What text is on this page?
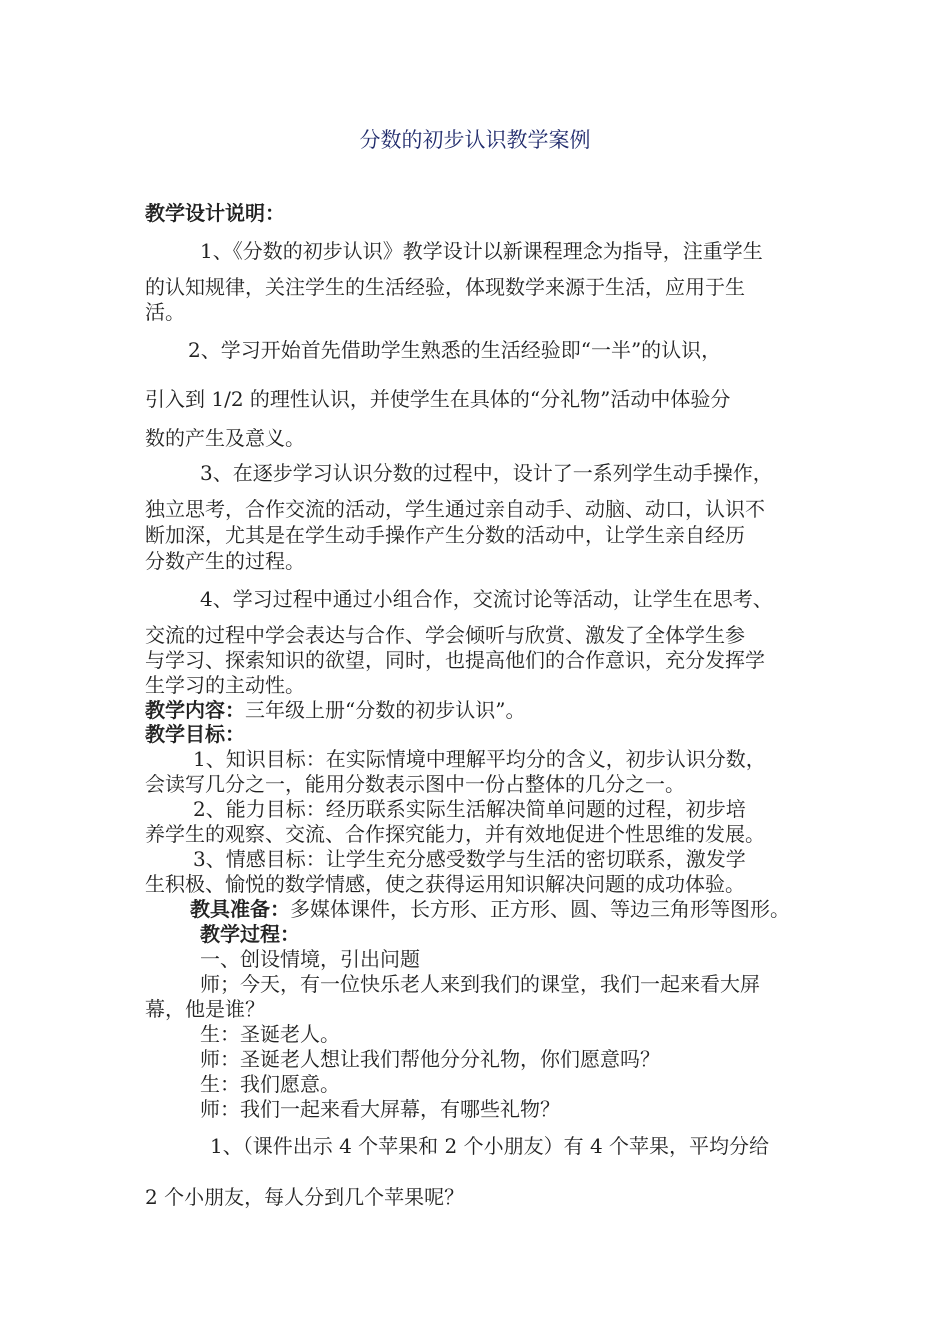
分数的初步认识教学案例
教学设计说明：
1、《分数的初步认识》教学设计以新课程理念为指导，注重学生
的认知规律，关注学生的生活经验，体现数学来源于生活，应用于生
活。
2、学习开始首先借助学生熟悉的生活经验即“一半”的认识，
引入到 1/2 的理性认识，并使学生在具体的“分礼物”活动中体验分
数的产生及意义。
3、在逐步学习认识分数的过程中，设计了一系列学生动手操作，
独立思考，合作交流的活动，学生通过亲自动手、动脑、动口，认识不
断加深，尤其是在学生动手操作产生分数的活动中，让学生亲自经历
分数产生的过程。
4、学习过程中通过小组合作，交流讨论等活动，让学生在思考、
交流的过程中学会表达与合作、学会倾听与欣赏、激发了全体学生参
与学习、探索知识的欲望，同时，也提高他们的合作意识，充分发挥学
生学习的主动性。
教学内容：三年级上册“分数的初步认识”。
教学目标：
1、知识目标：在实际情境中理解平均分的含义，初步认识分数，
会读写几分之一，能用分数表示图中一份占整体的几分之一。
2、能力目标：经历联系实际生活解决简单问题的过程，初步培
养学生的观察、交流、合作探究能力，并有效地促进个性思维的发展。
3、情感目标：让学生充分感受数学与生活的密切联系，激发学
生积极、愉悦的数学情感，使之获得运用知识解决问题的成功体验。
教具准备：多媒体课件，长方形、正方形、圆、等边三角形等图形。
教学过程：
一、创设情境，引出问题
师；今天，有一位快乐老人来到我们的课堂，我们一起来看大屏
幕，他是谁？
生：圣诞老人。
师：圣诞老人想让我们帮他分分礼物，你们愿意吗？
生：我们愿意。
师：我们一起来看大屏幕，有哪些礼物？
1、（课件出示 4 个苹果和 2 个小朋友）有 4 个苹果，平均分给
2 个小朋友，每人分到几个苹果呢？
